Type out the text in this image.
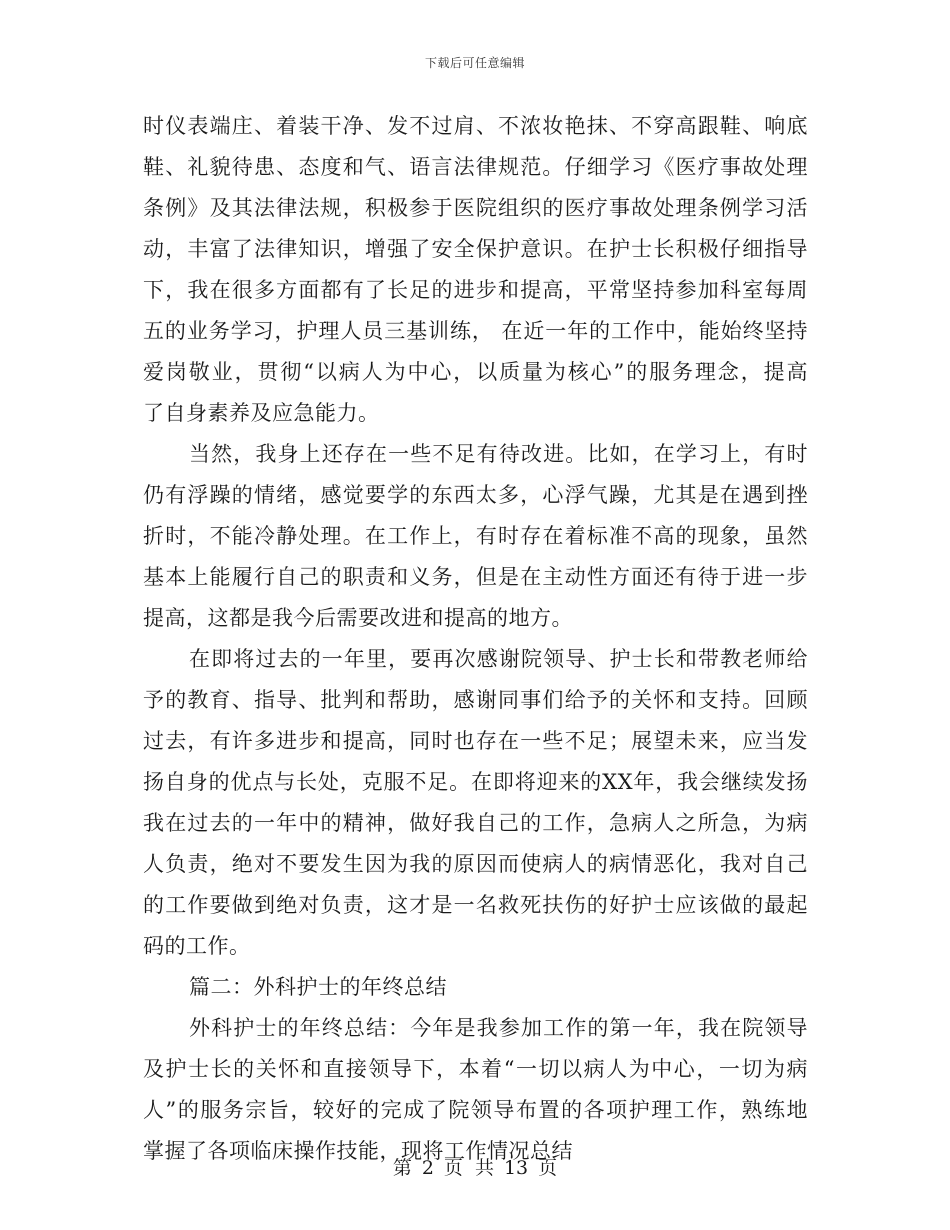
下载后可任意编辑
时仪表端庄、着装干净、发不过肩、不浓妆艳抹、不穿高跟鞋、响底
鞋、礼貌待患、态度和气、语言法律规范。仔细学习《医疗事故处理
条例》及其法律法规，积极参于医院组织的医疗事故处理条例学习活
动，丰富了法律知识，增强了安全保护意识。在护士长积极仔细指导
下，我在很多方面都有了长足的进步和提高，平常坚持参加科室每周
五的业务学习，护理人员三基训练， 在近一年的工作中，能始终坚持
爱岗敬业，贯彻“以病人为中心，以质量为核心”的服务理念，提高
了自身素养及应急能力。
当然，我身上还存在一些不足有待改进。比如，在学习上，有时
仍有浮躁的情绪，感觉要学的东西太多，心浮气躁，尤其是在遇到挫
折时，不能冷静处理。在工作上，有时存在着标准不高的现象，虽然
基本上能履行自己的职责和义务，但是在主动性方面还有待于进一步
提高，这都是我今后需要改进和提高的地方。
在即将过去的一年里，要再次感谢院领导、护士长和带教老师给
予的教育、指导、批判和帮助，感谢同事们给予的关怀和支持。回顾
过去，有许多进步和提高，同时也存在一些不足；展望未来，应当发
扬自身的优点与长处，克服不足。在即将迎来的XX年，我会继续发扬
我在过去的一年中的精神，做好我自己的工作，急病人之所急，为病
人负责，绝对不要发生因为我的原因而使病人的病情恶化，我对自己
的工作要做到绝对负责，这才是一名救死扶伤的好护士应该做的最起
码的工作。
篇二：外科护士的年终总结
外科护士的年终总结：今年是我参加工作的第一年，我在院领导
及护士长的关怀和直接领导下，本着“一切以病人为中心，一切为病
人”的服务宗旨，较好的完成了院领导布置的各项护理工作，熟练地
掌握了各项临床操作技能，现将工作情况总结
第 2 页 共 13 页
